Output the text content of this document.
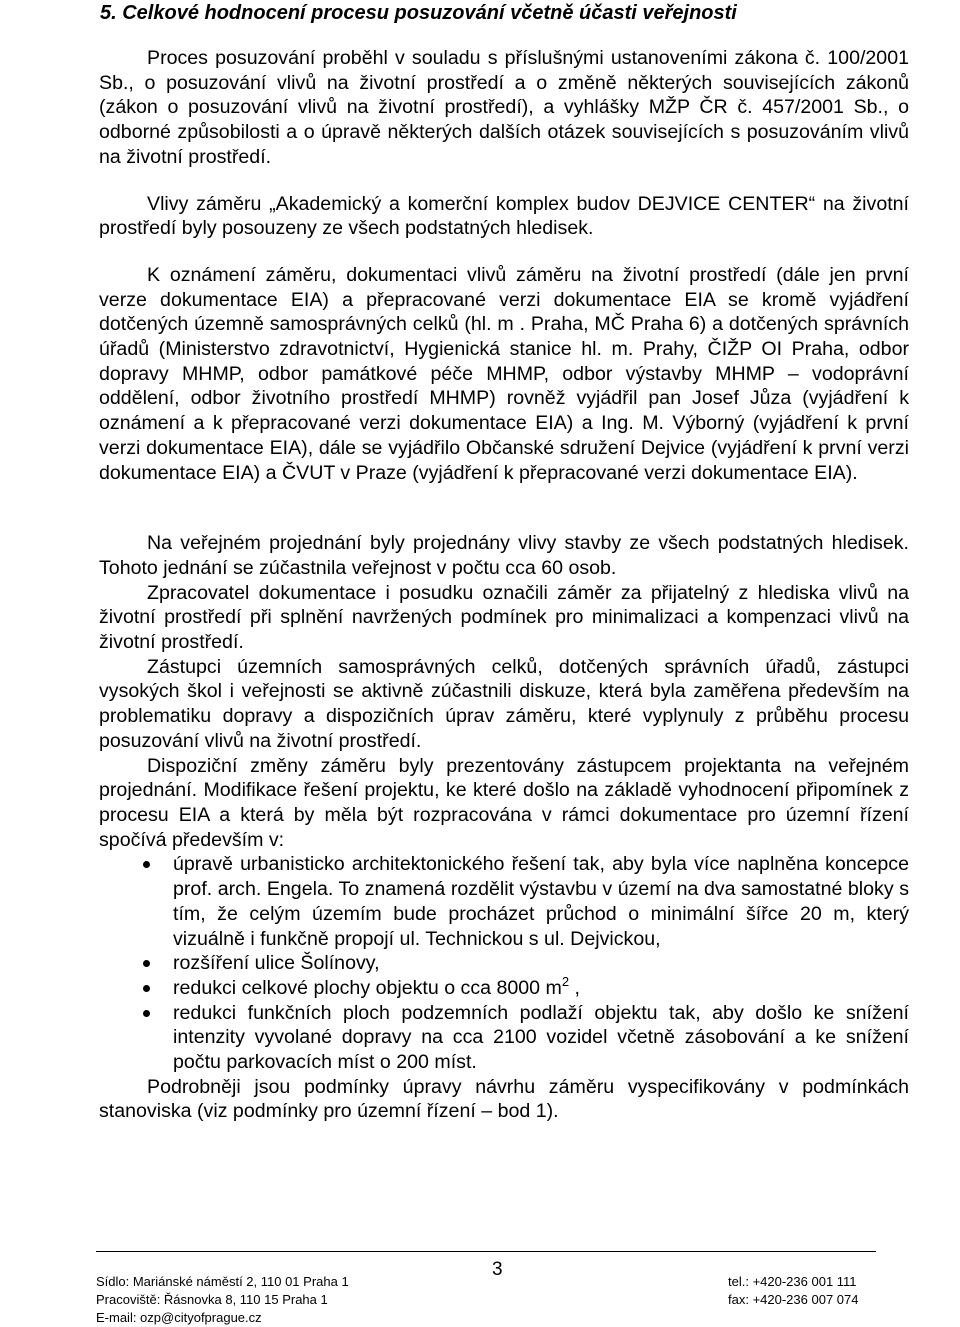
5. Celkové hodnocení procesu posuzování včetně účasti veřejnosti

Proces posuzování proběhl v souladu s příslušnými ustanoveními zákona č. 100/2001 Sb., o posuzování vlivů na životní prostředí a o změně některých souvisejících zákonů (zákon o posuzování vlivů na životní prostředí), a vyhlášky MŽP ČR č. 457/2001 Sb., o odborné způsobilosti a o úpravě některých dalších otázek souvisejících s posuzováním vlivů na životní prostředí.

Vlivy záměru „Akademický a komerční komplex budov DEJVICE CENTER“ na životní prostředí byly posouzeny ze všech podstatných hledisek.

K oznámení záměru, dokumentaci vlivů záměru na životní prostředí (dále jen první verze dokumentace EIA) a přepracované verzi dokumentace EIA se kromě vyjádření dotčených územně samosprávných celků (hl. m . Praha, MČ Praha 6) a dotčených správních úřadů (Ministerstvo zdravotnictví, Hygienická stanice hl. m. Prahy, ČIŽP OI Praha, odbor dopravy MHMP, odbor památkové péče MHMP, odbor výstavby MHMP – vodoprávní oddělení, odbor životního prostředí MHMP) rovněž vyjádřil pan Josef Jůza (vyjádření k oznámení a k přepracované verzi dokumentace EIA) a Ing. M. Výborný (vyjádření k první verzi dokumentace EIA), dále se vyjádřilo Občanské sdružení Dejvice (vyjádření k první verzi dokumentace EIA) a ČVUT v Praze (vyjádření k přepracované verzi dokumentace EIA).

Na veřejném projednání byly projednány vlivy stavby ze všech podstatných hledisek. Tohoto jednání se zúčastnila veřejnost v počtu cca 60 osob.

Zpracovatel dokumentace i posudku označili záměr za přijatelný z hlediska vlivů na životní prostředí při splnění navržených podmínek pro minimalizaci a kompenzaci vlivů na životní prostředí.

Zástupci územních samosprávných celků, dotčených správních úřadů, zástupci vysokých škol i veřejnosti se aktivně zúčastnili diskuze, která byla zaměřena především na problematiku dopravy a dispozičních úprav záměru, které vyplynuly z průběhu procesu posuzování vlivů na životní prostředí.

Dispoziční změny záměru byly prezentovány zástupcem projektanta na veřejném projednání. Modifikace řešení projektu, ke které došlo na základě vyhodnocení připomínek z procesu EIA a která by měla být rozpracována v rámci dokumentace pro územní řízení spočívá především v:

úpravě urbanisticko architektonického řešení tak, aby byla více naplněna koncepce prof. arch. Engela. To znamená rozdělit výstavbu v území na dva samostatné bloky s tím, že celým územím bude procházet průchod o minimální šířce 20 m, který vizuálně i funkčně propojí ul. Technickou s ul. Dejvickou,
rozšíření ulice Šolínovy,
redukci celkové plochy objektu o cca 8000 $m^2$ ,
redukci funkčních ploch podzemních podlaží objektu tak, aby došlo ke snížení intenzity vyvolané dopravy na cca 2100 vozidel včetně zásobování a ke snížení počtu parkovacích míst o 200 míst.

Podrobněji jsou podmínky úpravy návrhu záměru vyspecifikovány v podmínkách stanoviska (viz podmínky pro územní řízení – bod 1).

3
Sídlo: Mariánské náměstí 2, 110 01 Praha 1
Pracoviště: Řásnovka 8, 110 15 Praha 1
E-mail: ozp@cityofprague.cz
tel.: +420-236 001 111
fax: +420-236 007 074
